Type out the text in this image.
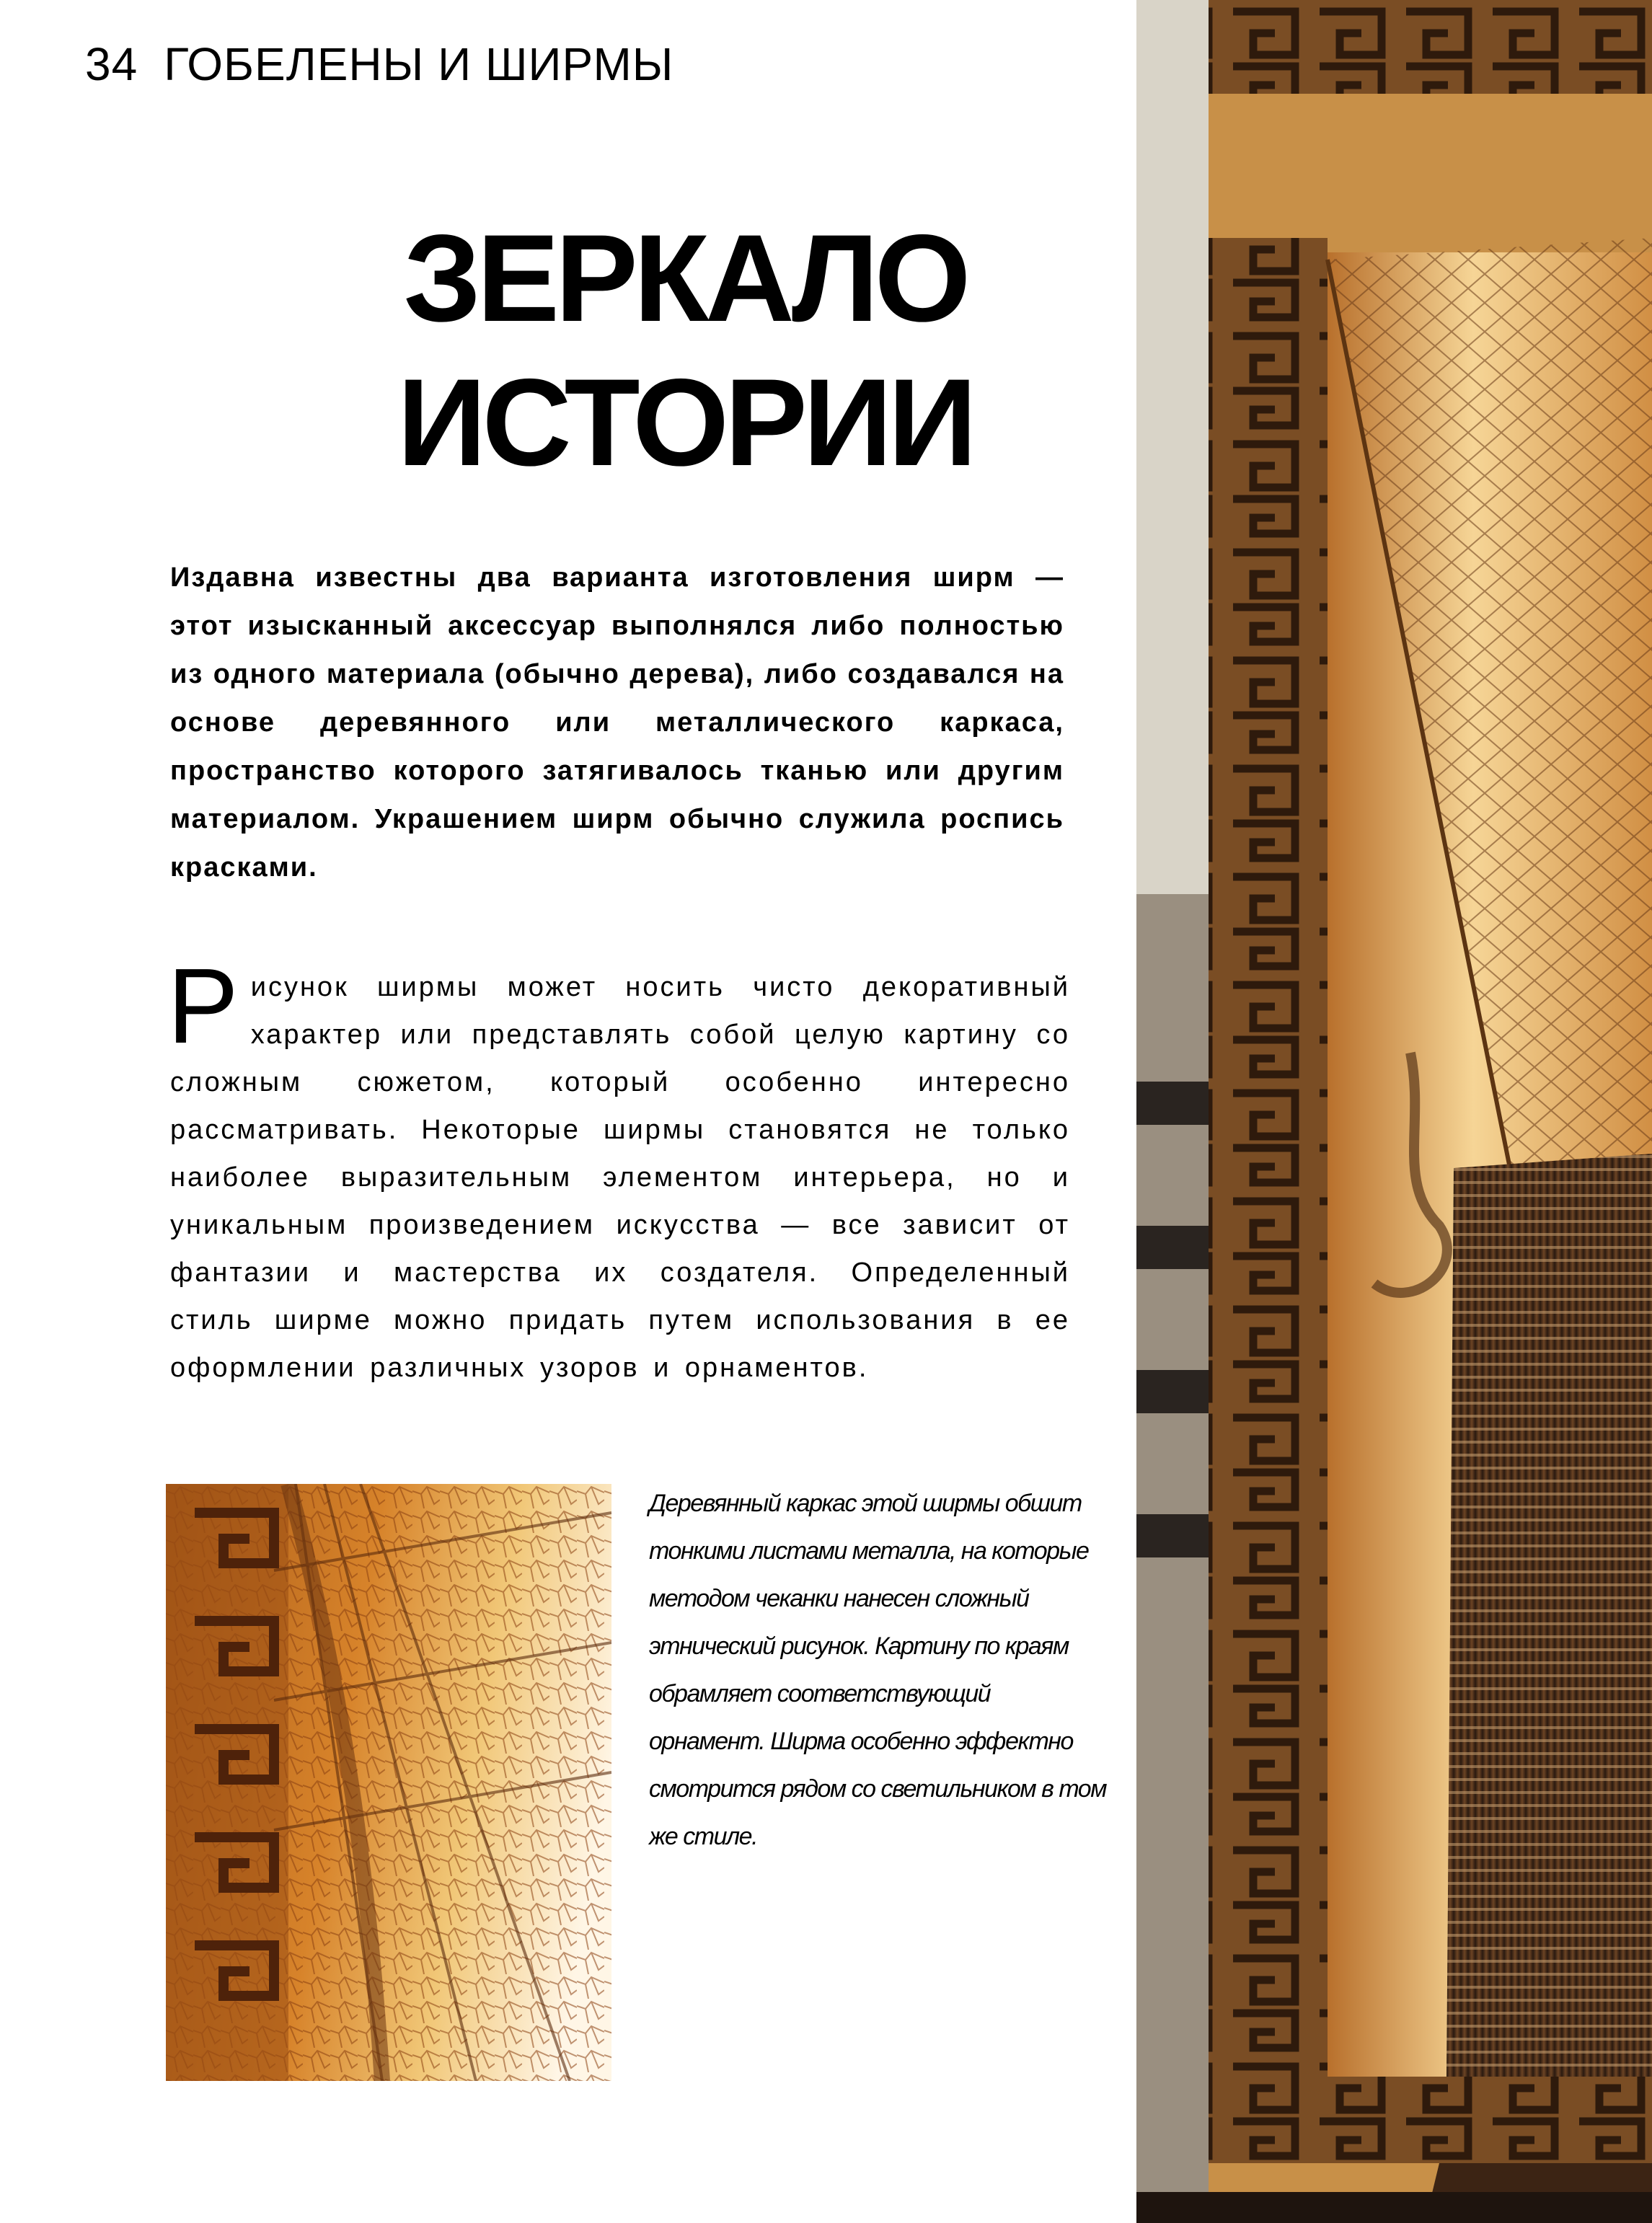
34 ГОБЕЛЕНЫ И ШИРМЫ
ЗЕРКАЛО
ИСТОРИИ

Издавна известны два варианта изготовления ширм — этот изысканный аксессуар выполнялся либо полностью из одного материала (обычно дерева), либо создавался на основе деревянного или металлического каркаса, пространство которого затягивалось тканью или другим материалом. Украшением ширм обычно служила роспись красками.

Рисунок ширмы может носить чисто декоративный характер или представлять собой целую картину со сложным сюжетом, который особенно интересно рассматривать. Некоторые ширмы становятся не только наиболее выразительным элементом интерьера, но и уникальным произведением искусства — все зависит от фантазии и мастерства их создателя. Определенный стиль ширме можно придать путем использования в ее оформлении различных узоров и орнаментов.

Деревянный каркас этой ширмы обшит тонкими листами металла, на которые методом чеканки нанесен сложный этнический рисунок. Картину по краям обрамляет соответствующий орнамент. Ширма особенно эффектно смотрится рядом со светильником в том же стиле.
